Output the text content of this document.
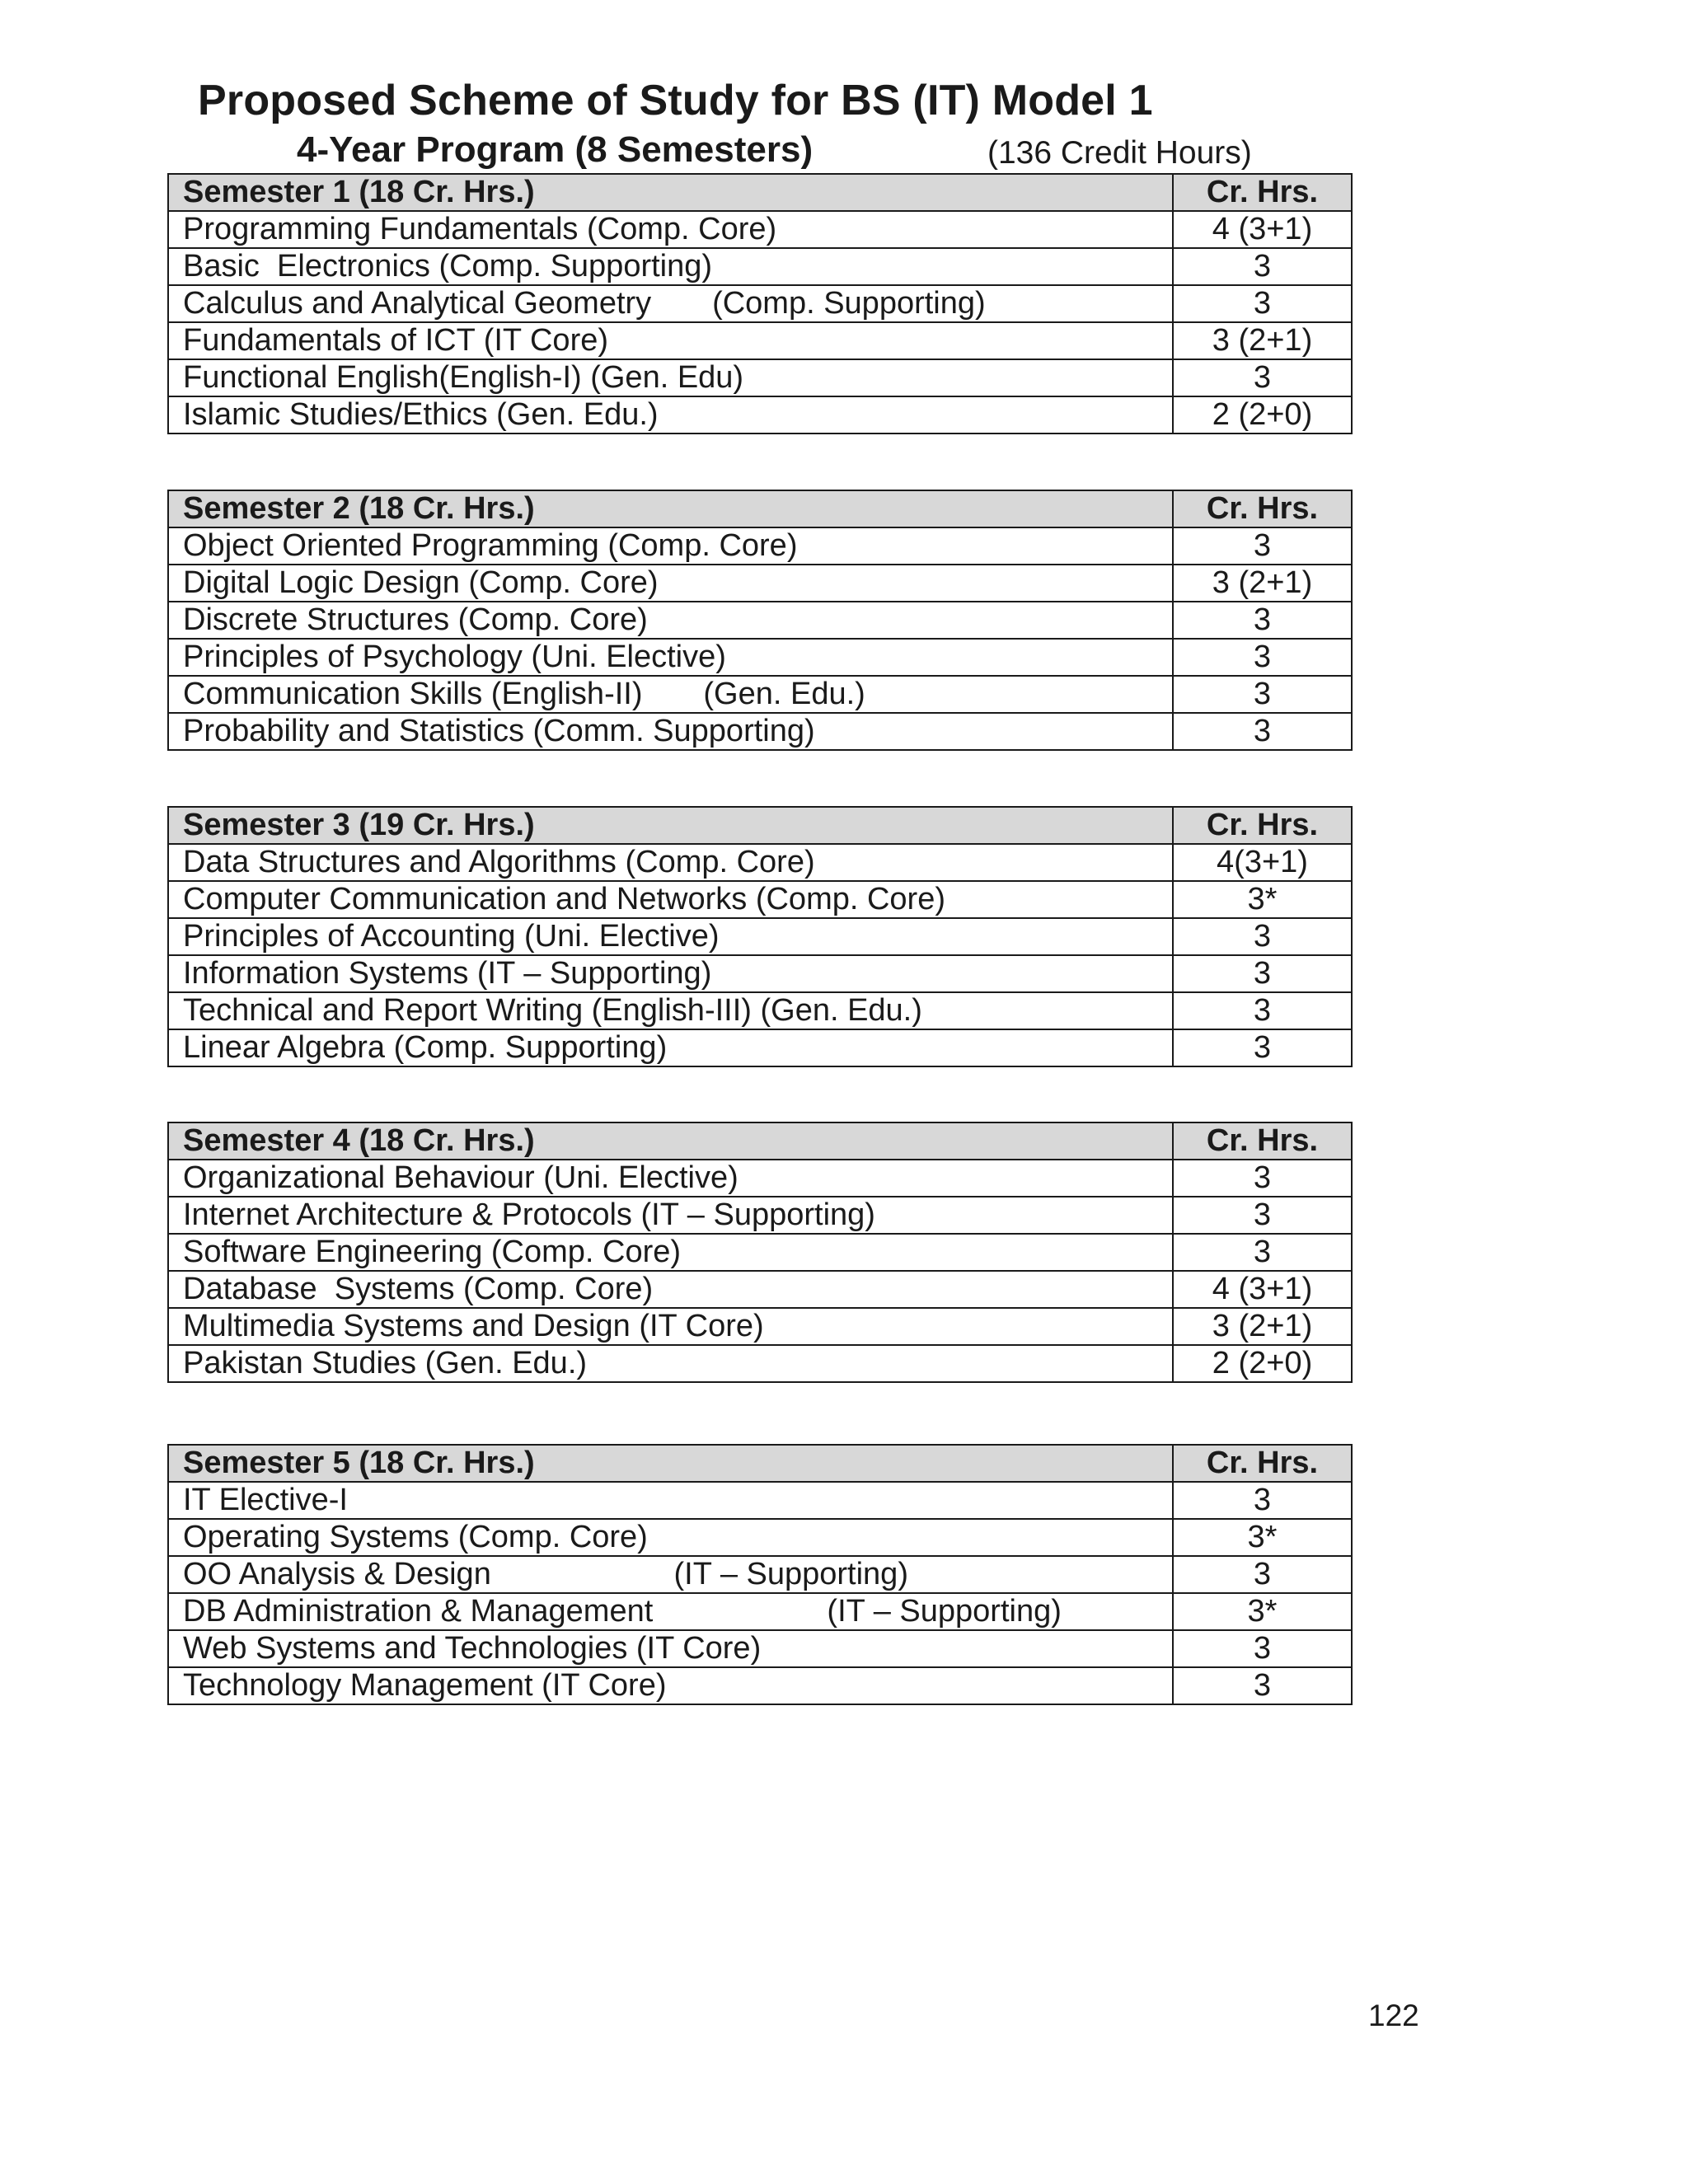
Proposed Scheme of Study for BS (IT) Model 1
4-Year Program (8 Semesters)	(136 Credit Hours)
Semester 1 (18 Cr. Hrs.)	Cr. Hrs.
Programming Fundamentals (Comp. Core)	4 (3+1)
Basic  Electronics (Comp. Supporting)	3
Calculus and Analytical Geometry       (Comp. Supporting)	3
Fundamentals of ICT (IT Core)	3 (2+1)
Functional English(English-I) (Gen. Edu)	3
Islamic Studies/Ethics (Gen. Edu.)	2 (2+0)
Semester 2 (18 Cr. Hrs.)	Cr. Hrs.
Object Oriented Programming (Comp. Core)	3
Digital Logic Design (Comp. Core)	3 (2+1)
Discrete Structures (Comp. Core)	3
Principles of Psychology (Uni. Elective)	3
Communication Skills (English-II)       (Gen. Edu.)	3
Probability and Statistics (Comm. Supporting)	3
Semester 3 (19 Cr. Hrs.)	Cr. Hrs.
Data Structures and Algorithms (Comp. Core)	4(3+1)
Computer Communication and Networks (Comp. Core)	3*
Principles of Accounting (Uni. Elective)	3
Information Systems (IT – Supporting)	3
Technical and Report Writing (English-III) (Gen. Edu.)	3
Linear Algebra (Comp. Supporting)	3
Semester 4 (18 Cr. Hrs.)	Cr. Hrs.
Organizational Behaviour (Uni. Elective)	3
Internet Architecture & Protocols (IT – Supporting)	3
Software Engineering (Comp. Core)	3
Database  Systems (Comp. Core)	4 (3+1)
Multimedia Systems and Design (IT Core)	3 (2+1)
Pakistan Studies (Gen. Edu.)	2 (2+0)
Semester 5 (18 Cr. Hrs.)	Cr. Hrs.
IT Elective-I	3
Operating Systems (Comp. Core)	3*
OO Analysis & Design                     (IT – Supporting)	3
DB Administration & Management                    (IT – Supporting)	3*
Web Systems and Technologies (IT Core)	3
Technology Management (IT Core)	3
122
